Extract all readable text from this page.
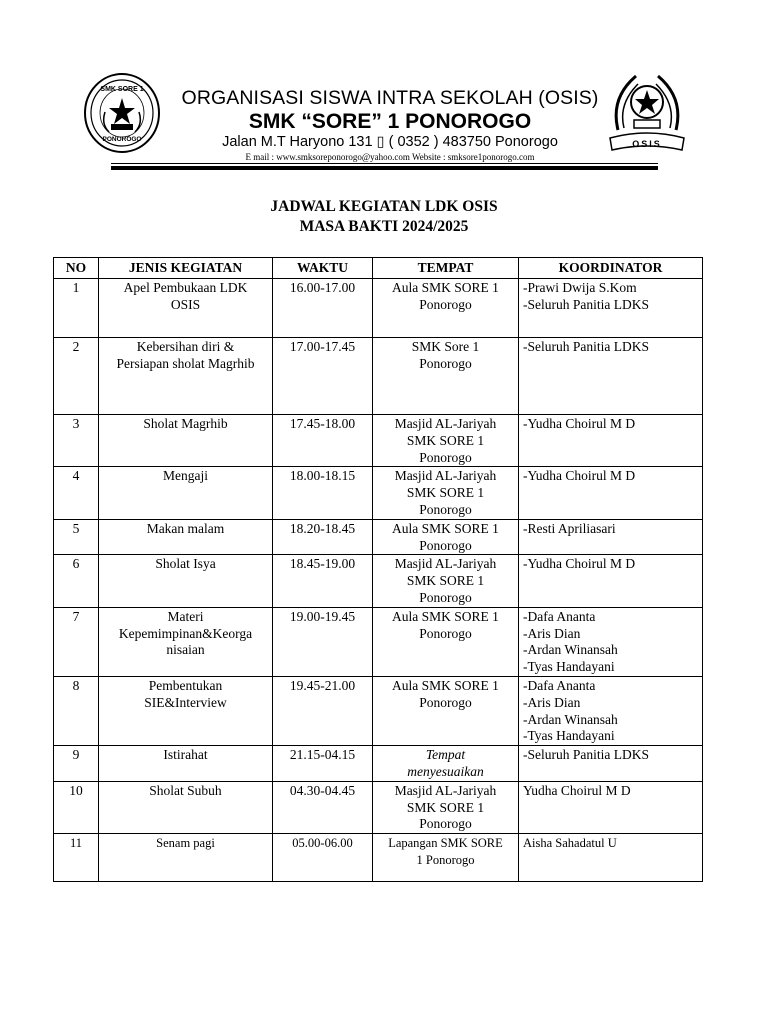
SMK SORE 1
PONOROGO	OSIS
ORGANISASI SISWA INTRA SEKOLAH (OSIS)
SMK “SORE” 1 PONOROGO
Jalan M.T Haryono 131 ▯ ( 0352 ) 483750 Ponorogo
E mail : www.smksoreponorogo@yahoo.com Website : smksore1ponorogo.com
JADWAL KEGIATAN LDK OSIS
MASA BAKTI 2024/2025
NO	JENIS KEGIATAN	WAKTU	TEMPAT	KOORDINATOR
1	Apel Pembukaan LDK
OSIS	16.00-17.00	Aula SMK SORE 1
Ponorogo	-Prawi Dwija S.Kom
-Seluruh Panitia LDKS

2	Kebersihan diri &
Persiapan sholat Magrhib	17.00-17.45	SMK Sore 1
Ponorogo	-Seluruh Panitia LDKS

3	Sholat Magrhib	17.45-18.00	Masjid AL-Jariyah
SMK SORE 1
Ponorogo	-Yudha Choirul M D

4	Mengaji	18.00-18.15	Masjid AL-Jariyah
SMK SORE 1
Ponorogo	-Yudha Choirul M D

5	Makan malam	18.20-18.45	Aula SMK SORE 1
Ponorogo	-Resti Apriliasari

6	Sholat Isya	18.45-19.00	Masjid AL-Jariyah
SMK SORE 1
Ponorogo	-Yudha Choirul M D

7	Materi
Kepemimpinan&Keorga
nisaian	19.00-19.45	Aula SMK SORE 1
Ponorogo	-Dafa Ananta
-Aris Dian
-Ardan Winansah
-Tyas Handayani

8	Pembentukan
SIE&Interview	19.45-21.00	Aula SMK SORE 1
Ponorogo	-Dafa Ananta
-Aris Dian
-Ardan Winansah
-Tyas Handayani

9	Istirahat	21.15-04.15	Tempat
menyesuaikan	-Seluruh Panitia LDKS

10	Sholat Subuh	04.30-04.45	Masjid AL-Jariyah
SMK SORE 1
Ponorogo	Yudha Choirul M D

11	Senam pagi	05.00-06.00	Lapangan SMK SORE
1 Ponorogo	Aisha Sahadatul U
